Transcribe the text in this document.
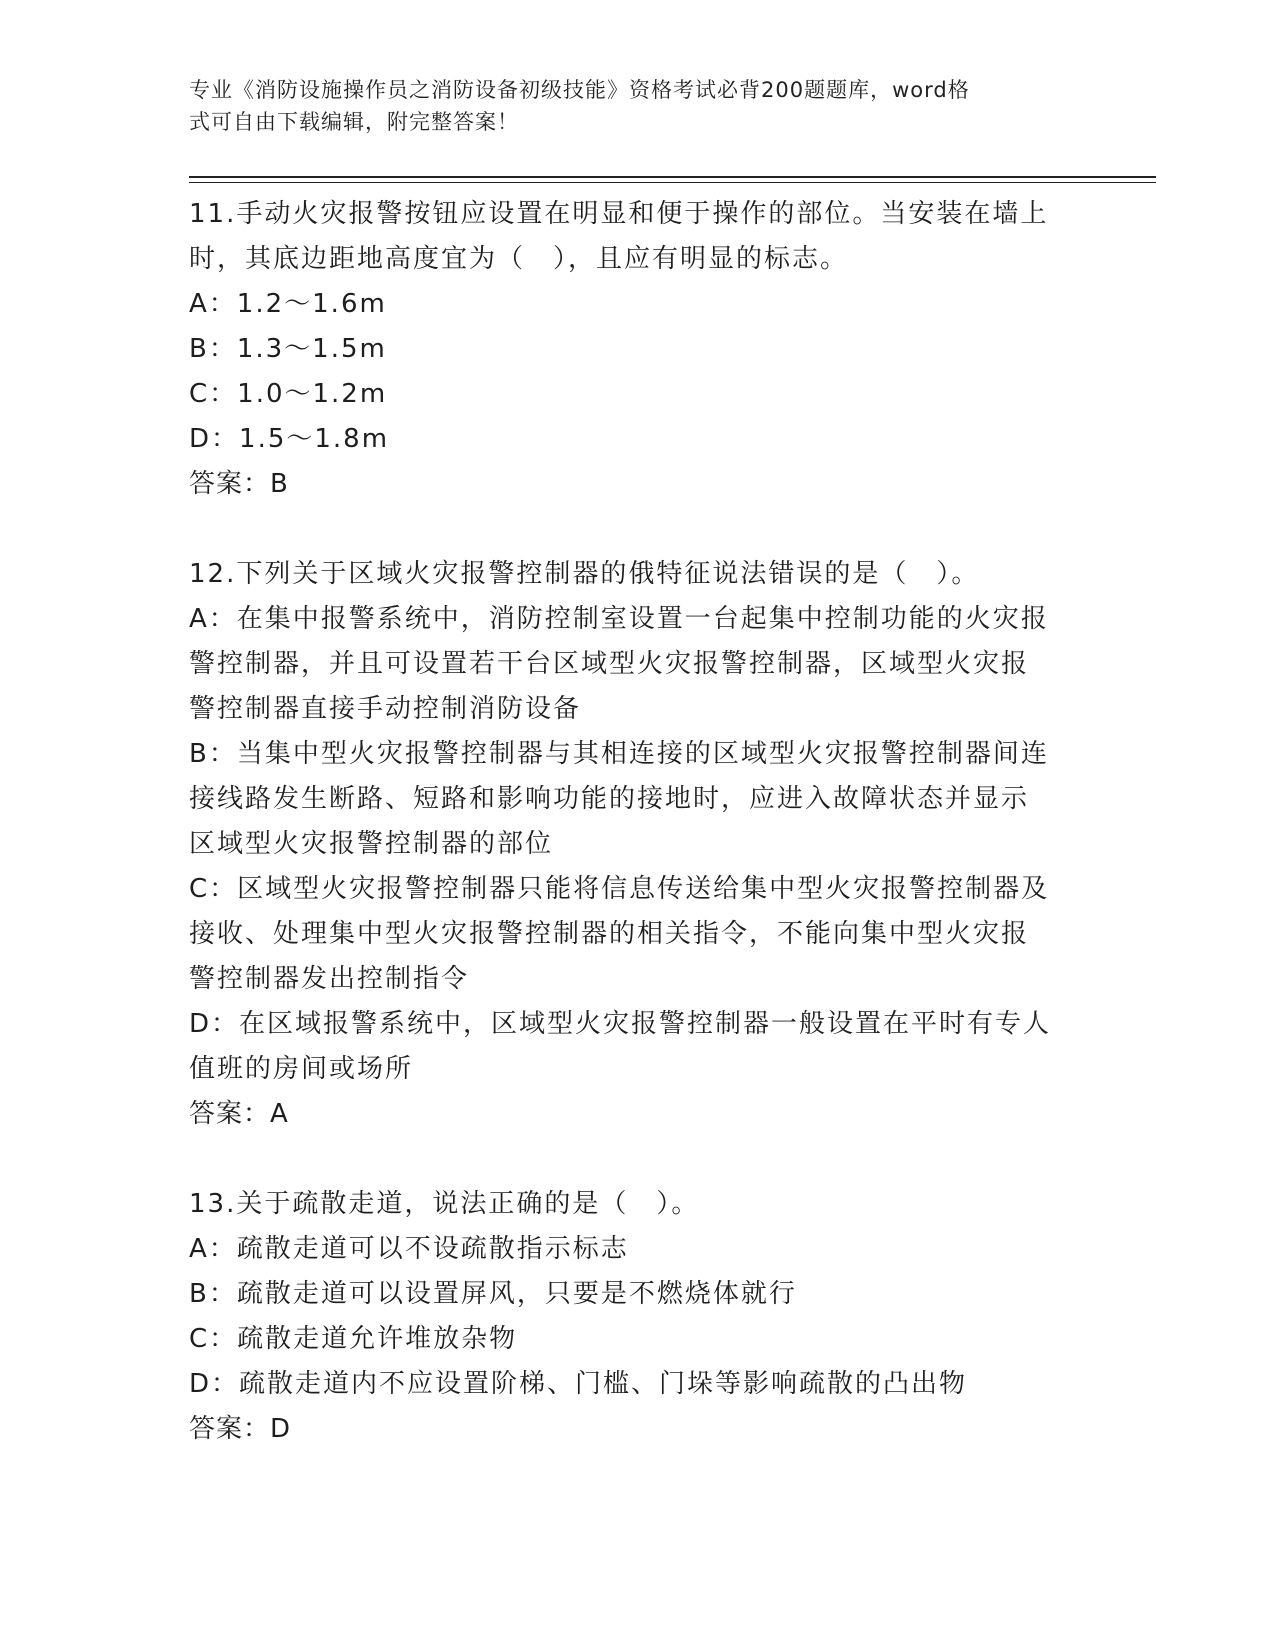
专业《消防设施操作员之消防设备初级技能》资格考试必背200题题库，word格
式可自由下载编辑，附完整答案！

11.手动火灾报警按钮应设置在明显和便于操作的部位。当安装在墙上

时，其底边距地高度宜为（　），且应有明显的标志。

A：1.2～1.6m

B：1.3～1.5m

C：1.0～1.2m

D：1.5～1.8m

答案：B

12.下列关于区域火灾报警控制器的俄特征说法错误的是（　）。

A：在集中报警系统中，消防控制室设置一台起集中控制功能的火灾报

警控制器，并且可设置若干台区域型火灾报警控制器，区域型火灾报

警控制器直接手动控制消防设备

B：当集中型火灾报警控制器与其相连接的区域型火灾报警控制器间连

接线路发生断路、短路和影响功能的接地时，应进入故障状态并显示

区域型火灾报警控制器的部位

C：区域型火灾报警控制器只能将信息传送给集中型火灾报警控制器及

接收、处理集中型火灾报警控制器的相关指令，不能向集中型火灾报

警控制器发出控制指令

D：在区域报警系统中，区域型火灾报警控制器一般设置在平时有专人

值班的房间或场所

答案：A

13.关于疏散走道，说法正确的是（　）。

A：疏散走道可以不设疏散指示标志

B：疏散走道可以设置屏风，只要是不燃烧体就行

C：疏散走道允许堆放杂物

D：疏散走道内不应设置阶梯、门槛、门垛等影响疏散的凸出物

答案：D
